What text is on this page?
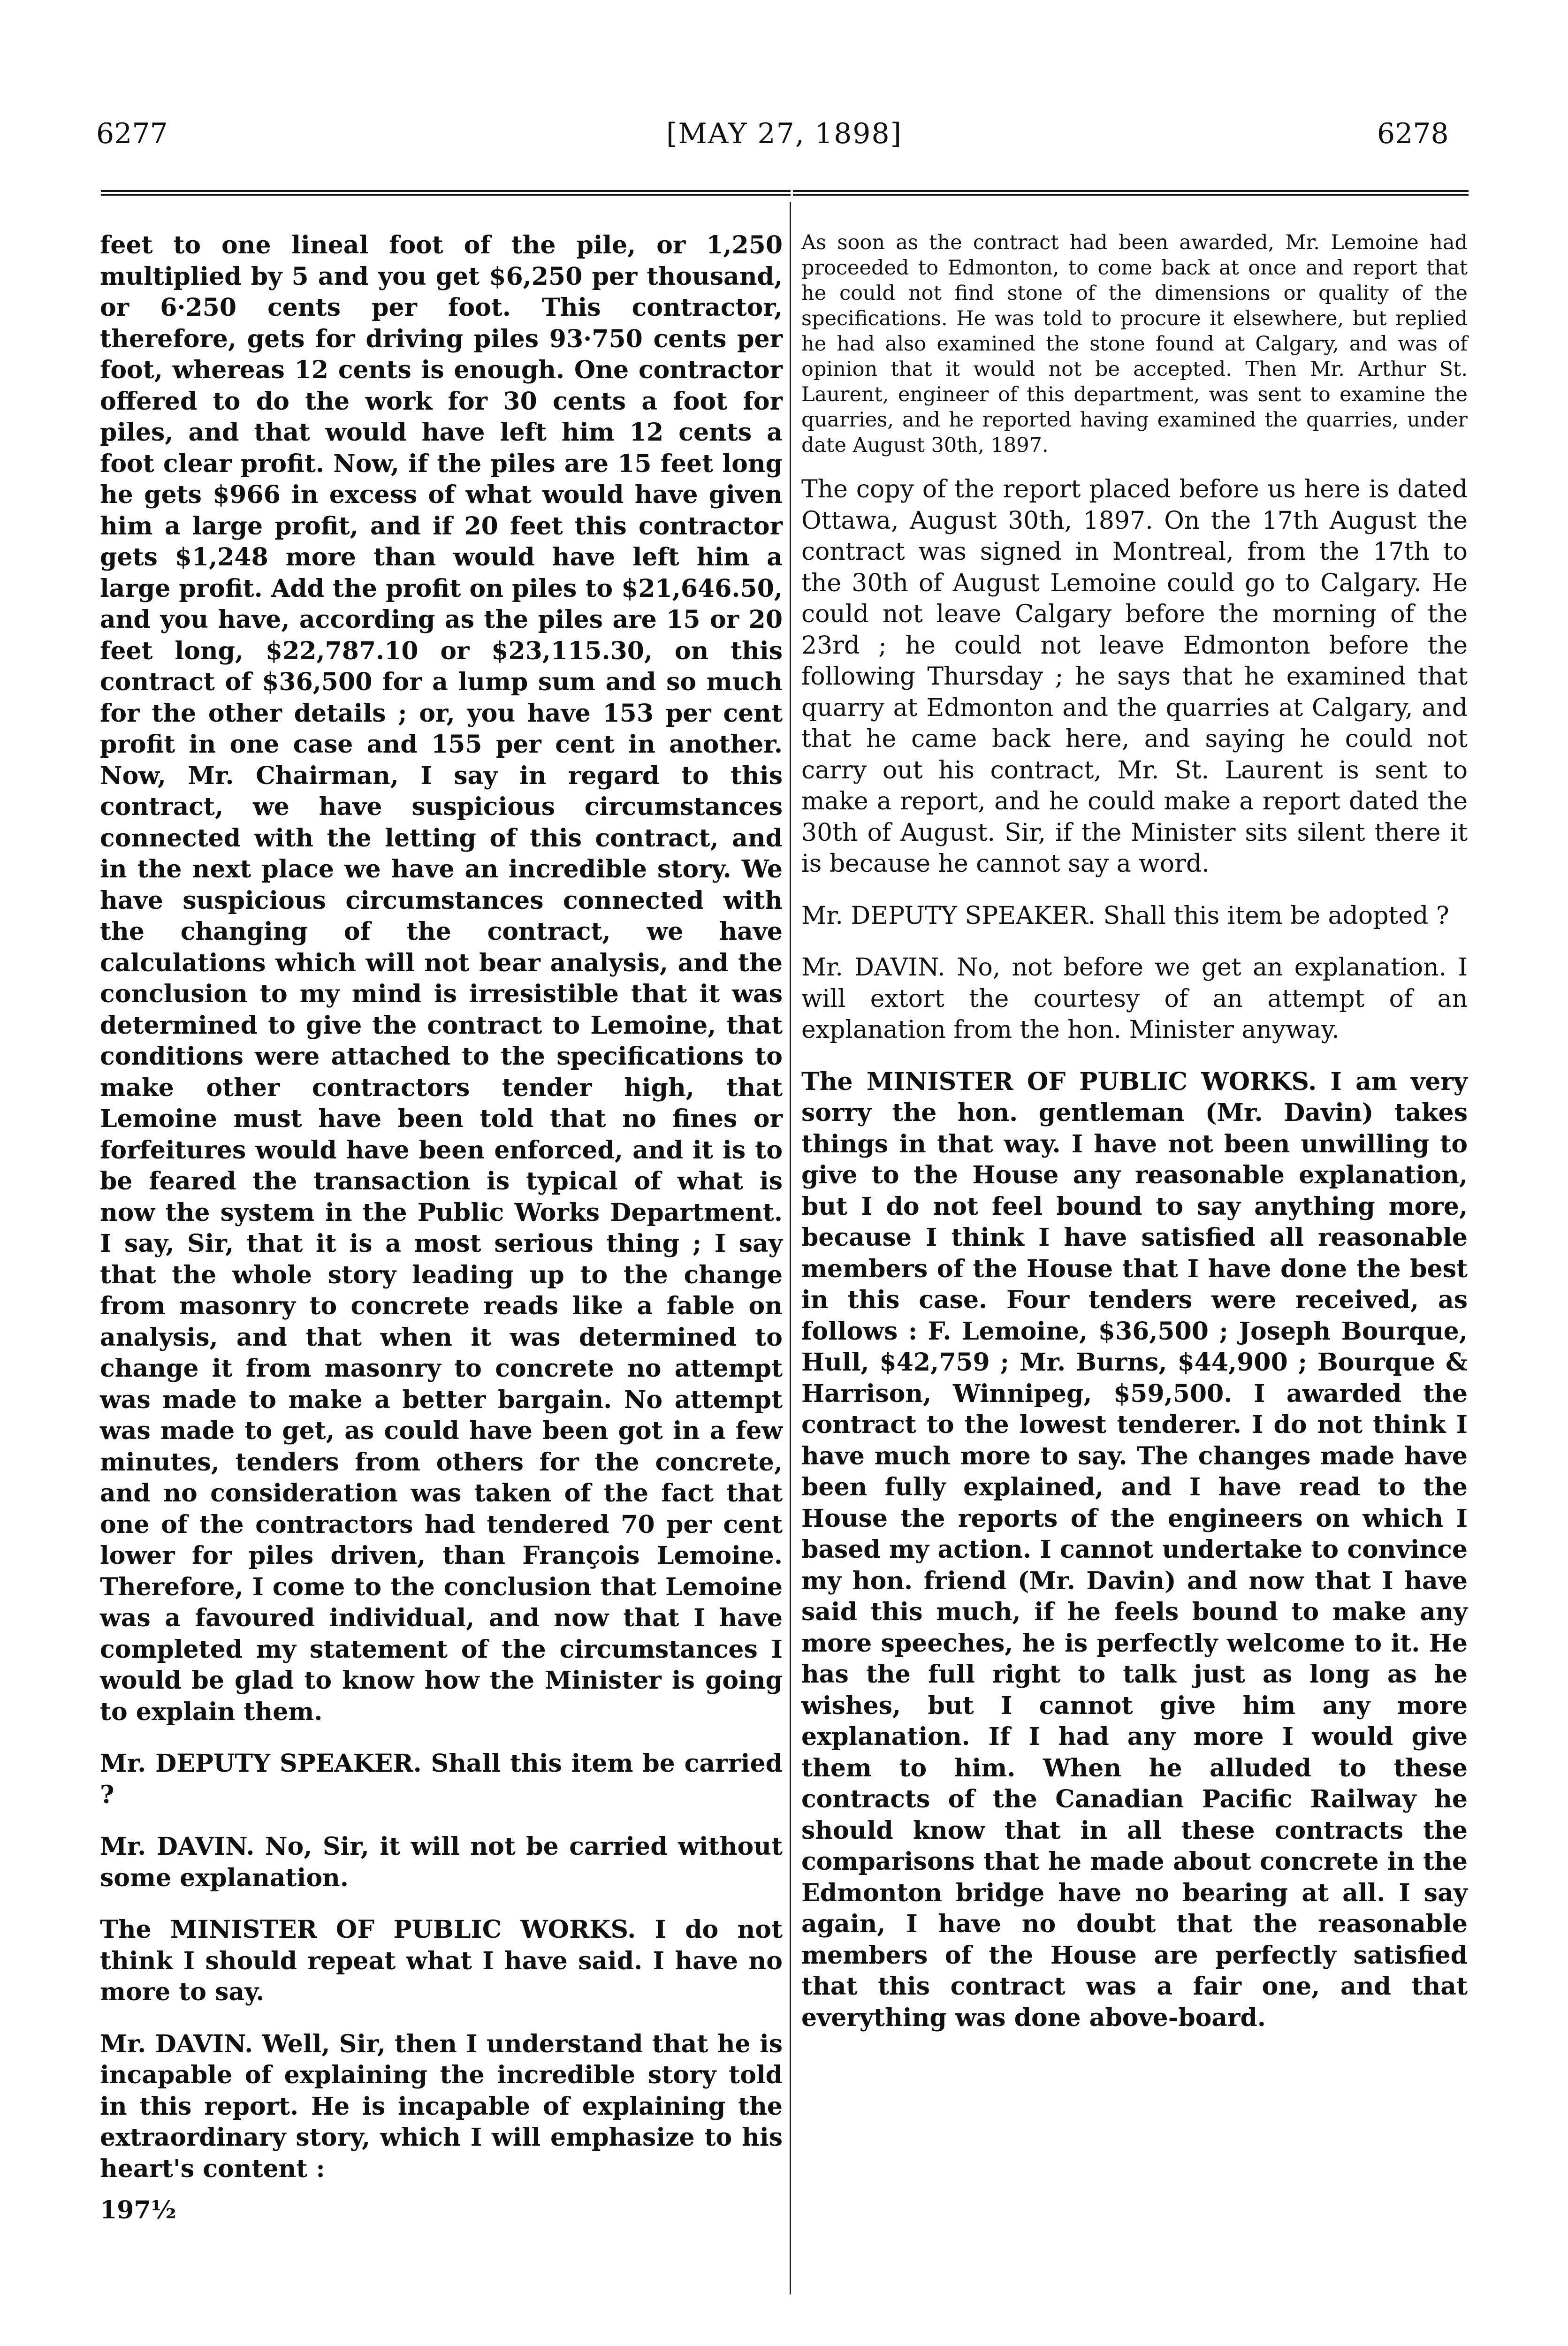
6277	[MAY 27, 1898]	6278

feet to one lineal foot of the pile, or 1,250 multiplied by 5 and you get $6,250 per thousand, or 6·250 cents per foot. This contractor, therefore, gets for driving piles 93·750 cents per foot, whereas 12 cents is enough. One contractor offered to do the work for 30 cents a foot for piles, and that would have left him 12 cents a foot clear profit. Now, if the piles are 15 feet long he gets $966 in excess of what would have given him a large profit, and if 20 feet this contractor gets $1,248 more than would have left him a large profit. Add the profit on piles to $21,646.50, and you have, according as the piles are 15 or 20 feet long, $22,787.10 or $23,115.30, on this contract of $36,500 for a lump sum and so much for the other details ; or, you have 153 per cent profit in one case and 155 per cent in another. Now, Mr. Chairman, I say in regard to this contract, we have suspicious circumstances connected with the letting of this contract, and in the next place we have an incredible story. We have suspicious circumstances connected with the changing of the contract, we have calculations which will not bear analysis, and the conclusion to my mind is irresistible that it was determined to give the contract to Lemoine, that conditions were attached to the specifications to make other contractors tender high, that Lemoine must have been told that no fines or forfeitures would have been enforced, and it is to be feared the transaction is typical of what is now the system in the Public Works Department. I say, Sir, that it is a most serious thing ; I say that the whole story leading up to the change from masonry to concrete reads like a fable on analysis, and that when it was determined to change it from masonry to concrete no attempt was made to make a better bargain. No attempt was made to get, as could have been got in a few minutes, tenders from others for the concrete, and no consideration was taken of the fact that one of the contractors had tendered 70 per cent lower for piles driven, than François Lemoine. Therefore, I come to the conclusion that Lemoine was a favoured individual, and now that I have completed my statement of the circumstances I would be glad to know how the Minister is going to explain them.

Mr. DEPUTY SPEAKER. Shall this item be carried ?

Mr. DAVIN. No, Sir, it will not be carried without some explanation.

The MINISTER OF PUBLIC WORKS. I do not think I should repeat what I have said. I have no more to say.

Mr. DAVIN. Well, Sir, then I understand that he is incapable of explaining the incredible story told in this report. He is incapable of explaining the extraordinary story, which I will emphasize to his heart's content :

197½

As soon as the contract had been awarded, Mr. Lemoine had proceeded to Edmonton, to come back at once and report that he could not find stone of the dimensions or quality of the specifications. He was told to procure it elsewhere, but replied he had also examined the stone found at Calgary, and was of opinion that it would not be accepted. Then Mr. Arthur St. Laurent, engineer of this department, was sent to examine the quarries, and he reported having examined the quarries, under date August 30th, 1897.

The copy of the report placed before us here is dated Ottawa, August 30th, 1897. On the 17th August the contract was signed in Montreal, from the 17th to the 30th of August Lemoine could go to Calgary. He could not leave Calgary before the morning of the 23rd ; he could not leave Edmonton before the following Thursday ; he says that he examined that quarry at Edmonton and the quarries at Calgary, and that he came back here, and saying he could not carry out his contract, Mr. St. Laurent is sent to make a report, and he could make a report dated the 30th of August. Sir, if the Minister sits silent there it is because he cannot say a word.

Mr. DEPUTY SPEAKER. Shall this item be adopted ?

Mr. DAVIN. No, not before we get an explanation. I will extort the courtesy of an attempt of an explanation from the hon. Minister anyway.

The MINISTER OF PUBLIC WORKS. I am very sorry the hon. gentleman (Mr. Davin) takes things in that way. I have not been unwilling to give to the House any reasonable explanation, but I do not feel bound to say anything more, because I think I have satisfied all reasonable members of the House that I have done the best in this case. Four tenders were received, as follows : F. Lemoine, $36,500 ; Joseph Bourque, Hull, $42,759 ; Mr. Burns, $44,900 ; Bourque & Harrison, Winnipeg, $59,500. I awarded the contract to the lowest tenderer. I do not think I have much more to say. The changes made have been fully explained, and I have read to the House the reports of the engineers on which I based my action. I cannot undertake to convince my hon. friend (Mr. Davin) and now that I have said this much, if he feels bound to make any more speeches, he is perfectly welcome to it. He has the full right to talk just as long as he wishes, but I cannot give him any more explanation. If I had any more I would give them to him. When he alluded to these contracts of the Canadian Pacific Railway he should know that in all these contracts the comparisons that he made about concrete in the Edmonton bridge have no bearing at all. I say again, I have no doubt that the reasonable members of the House are perfectly satisfied that this contract was a fair one, and that everything was done above-board.
